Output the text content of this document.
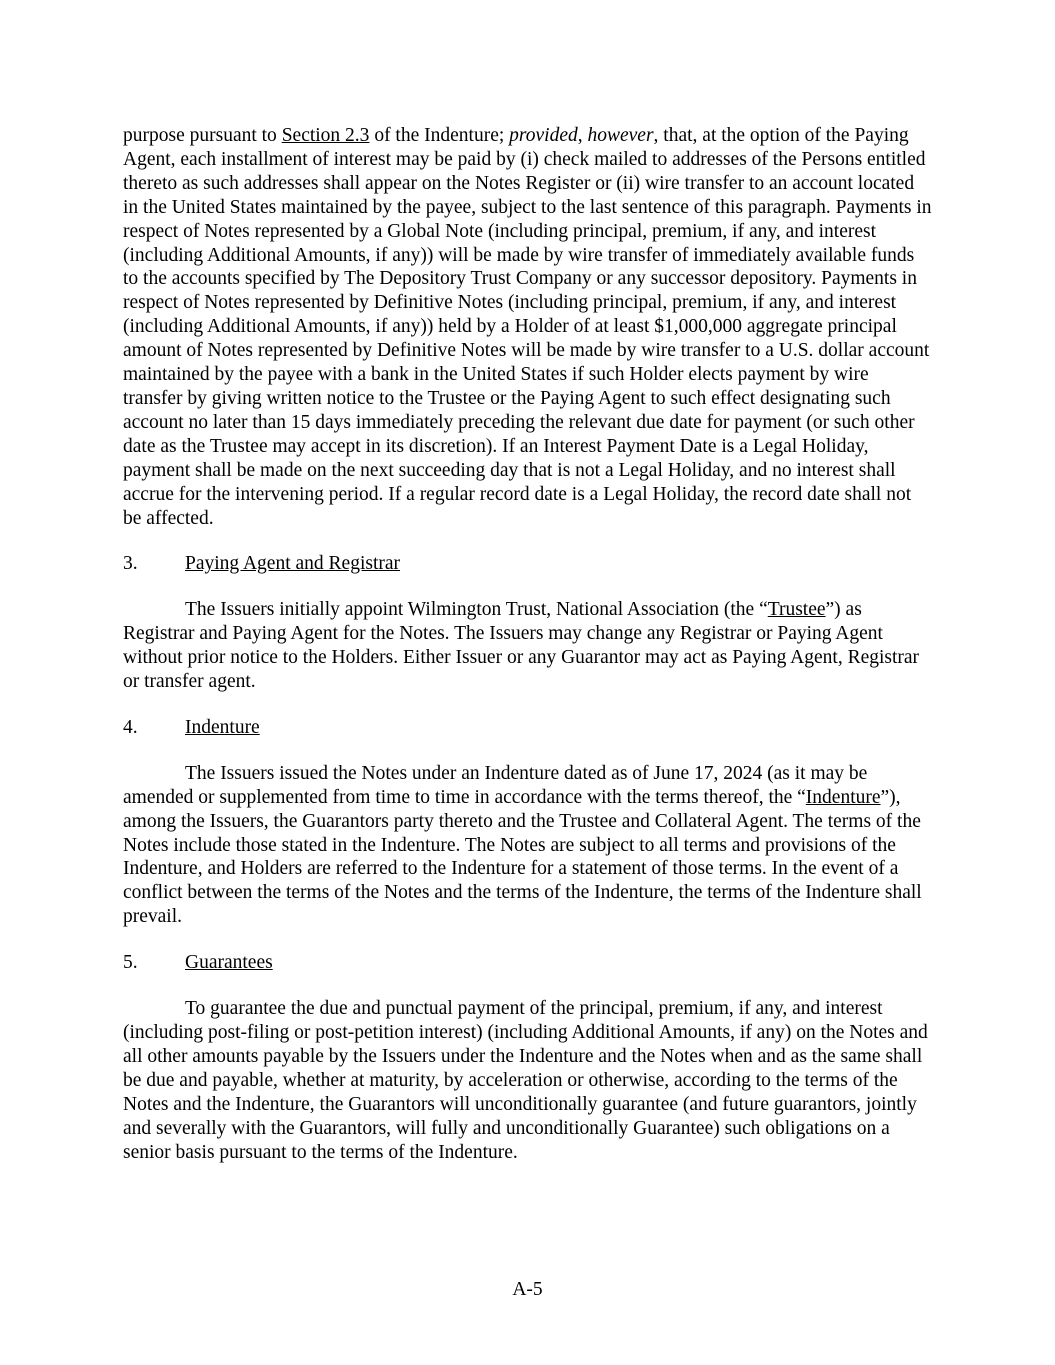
purpose pursuant to Section 2.3 of the Indenture; provided, however, that, at the option of the Paying Agent, each installment of interest may be paid by (i) check mailed to addresses of the Persons entitled thereto as such addresses shall appear on the Notes Register or (ii) wire transfer to an account located in the United States maintained by the payee, subject to the last sentence of this paragraph. Payments in respect of Notes represented by a Global Note (including principal, premium, if any, and interest (including Additional Amounts, if any)) will be made by wire transfer of immediately available funds to the accounts specified by The Depository Trust Company or any successor depository. Payments in respect of Notes represented by Definitive Notes (including principal, premium, if any, and interest (including Additional Amounts, if any)) held by a Holder of at least $1,000,000 aggregate principal amount of Notes represented by Definitive Notes will be made by wire transfer to a U.S. dollar account maintained by the payee with a bank in the United States if such Holder elects payment by wire transfer by giving written notice to the Trustee or the Paying Agent to such effect designating such account no later than 15 days immediately preceding the relevant due date for payment (or such other date as the Trustee may accept in its discretion). If an Interest Payment Date is a Legal Holiday, payment shall be made on the next succeeding day that is not a Legal Holiday, and no interest shall accrue for the intervening period. If a regular record date is a Legal Holiday, the record date shall not be affected.

3. Paying Agent and Registrar

The Issuers initially appoint Wilmington Trust, National Association (the “Trustee”) as Registrar and Paying Agent for the Notes. The Issuers may change any Registrar or Paying Agent without prior notice to the Holders. Either Issuer or any Guarantor may act as Paying Agent, Registrar or transfer agent.

4. Indenture

The Issuers issued the Notes under an Indenture dated as of June 17, 2024 (as it may be amended or supplemented from time to time in accordance with the terms thereof, the “Indenture”), among the Issuers, the Guarantors party thereto and the Trustee and Collateral Agent. The terms of the Notes include those stated in the Indenture. The Notes are subject to all terms and provisions of the Indenture, and Holders are referred to the Indenture for a statement of those terms. In the event of a conflict between the terms of the Notes and the terms of the Indenture, the terms of the Indenture shall prevail.

5. Guarantees

To guarantee the due and punctual payment of the principal, premium, if any, and interest (including post-filing or post-petition interest) (including Additional Amounts, if any) on the Notes and all other amounts payable by the Issuers under the Indenture and the Notes when and as the same shall be due and payable, whether at maturity, by acceleration or otherwise, according to the terms of the Notes and the Indenture, the Guarantors will unconditionally guarantee (and future guarantors, jointly and severally with the Guarantors, will fully and unconditionally Guarantee) such obligations on a senior basis pursuant to the terms of the Indenture.

A-5
